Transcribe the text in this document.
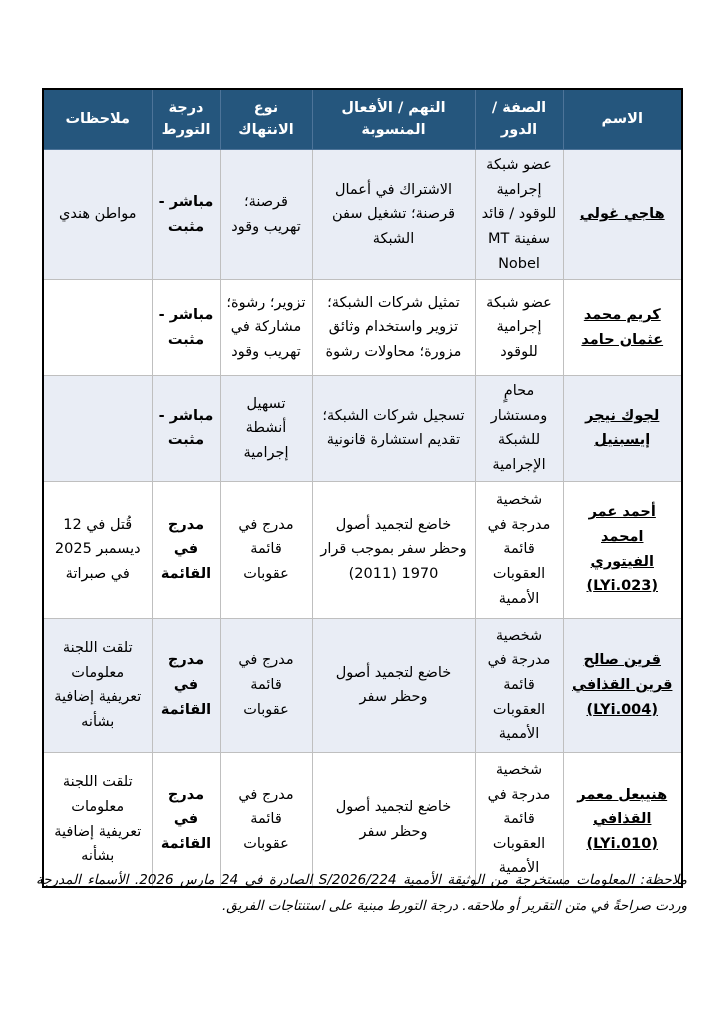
الاسم	الصفة / الدور	التهم / الأفعال المنسوبة	نوع الانتهاك	درجة التورط	ملاحظات
هاجي غولي	عضو شبكة إجرامية للوقود / قائد سفينة MT Nobel	الاشتراك في أعمال قرصنة؛ تشغيل سفن الشبكة	قرصنة؛ تهريب وقود	مباشر - مثبت	مواطن هندي
كريم محمد عثمان حامد	عضو شبكة إجرامية للوقود	تمثيل شركات الشبكة؛ تزوير واستخدام وثائق مزورة؛ محاولات رشوة	تزوير؛ رشوة؛ مشاركة في تهريب وقود	مباشر - مثبت	
لجوك نيجر إيسبنيل	محامٍ ومستشار للشبكة الإجرامية	تسجيل شركات الشبكة؛ تقديم استشارة قانونية	تسهيل أنشطة إجرامية	مباشر - مثبت	
أحمد عمر امحمد الفيتوري (LYi.023)	شخصية مدرجة في قائمة العقوبات الأممية	خاضع لتجميد أصول وحظر سفر بموجب قرار 1970 (2011)	مدرج في قائمة عقوبات	مدرج في القائمة	قُتل في 12 ديسمبر 2025 في صبراتة
قرين صالح قرين القذافي (LYi.004)	شخصية مدرجة في قائمة العقوبات الأممية	خاضع لتجميد أصول وحظر سفر	مدرج في قائمة عقوبات	مدرج في القائمة	تلقت اللجنة معلومات تعريفية إضافية بشأنه
هنيبعل معمر القذافي (LYi.010)	شخصية مدرجة في قائمة العقوبات الأممية	خاضع لتجميد أصول وحظر سفر	مدرج في قائمة عقوبات	مدرج في القائمة	تلقت اللجنة معلومات تعريفية إضافية بشأنه
ملاحظة: المعلومات مستخرجة من الوثيقة الأممية S/2026/224 الصادرة في 24 مارس 2026. الأسماء المدرجة وردت صراحةً في متن التقرير أو ملاحقه. درجة التورط مبنية على استنتاجات الفريق.
